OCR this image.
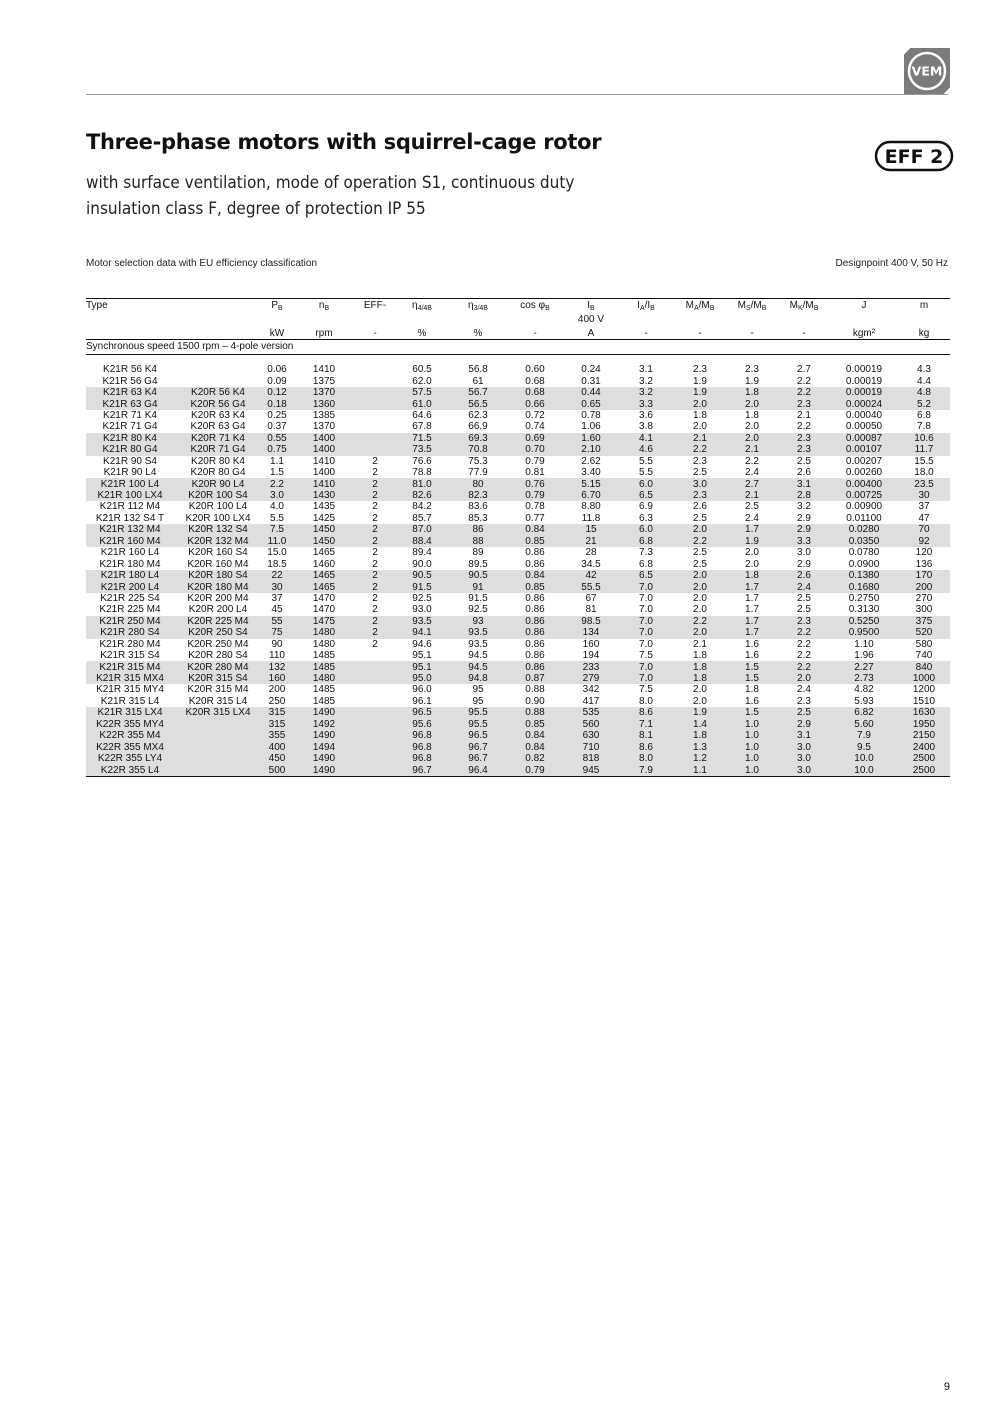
VEM
EFF 2
Three-phase motors with squirrel-cage rotor
with surface ventilation, mode of operation S1, continuous duty
insulation class F, degree of protection IP 55
Motor selection data with EU efficiency classification	Designpoint 400 V, 50 Hz
Type		$P_B$	$n_B$	EFF-	$\eta_{4/4B}$	$\eta_{3/4B}$	$\cos \varphi_B$	$I_B$	$I_A/I_B$	$M_A/M_B$	$M_S/M_B$	$M_K/M_B$	J	m
								400 V						
		kW	rpm	-	%	%	-	A	-	-	-	-	kgm²	kg
Synchronous speed 1500 rpm – 4-pole version														

K21R 56 K4		0.06	1410		60.5	56.8	0.60	0.24	3.1	2.3	2.3	2.7	0.00019	4.3
K21R 56 G4		0.09	1375		62.0	61	0.68	0.31	3.2	1.9	1.9	2.2	0.00019	4.4
K21R 63 K4	K20R 56 K4	0.12	1370		57.5	56.7	0.68	0.44	3.2	1.9	1.8	2.2	0.00019	4.8
K21R 63 G4	K20R 56 G4	0.18	1360		61.0	56.5	0.66	0.65	3.3	2.0	2.0	2.3	0.00024	5.2
K21R 71 K4	K20R 63 K4	0.25	1385		64.6	62.3	0.72	0.78	3.6	1.8	1.8	2.1	0.00040	6.8
K21R 71 G4	K20R 63 G4	0.37	1370		67.8	66.9	0.74	1.06	3.8	2.0	2.0	2.2	0.00050	7.8
K21R 80 K4	K20R 71 K4	0.55	1400		71.5	69.3	0.69	1.60	4.1	2.1	2.0	2.3	0.00087	10.6
K21R 80 G4	K20R 71 G4	0.75	1400		73.5	70.8	0.70	2.10	4.6	2.2	2.1	2.3	0.00107	11.7
K21R 90 S4	K20R 80 K4	1.1	1410	2	76.6	75.3	0.79	2.62	5.5	2.3	2.2	2.5	0.00207	15.5
K21R 90 L4	K20R 80 G4	1.5	1400	2	78.8	77.9	0.81	3.40	5.5	2.5	2.4	2.6	0.00260	18.0
K21R 100 L4	K20R 90 L4	2.2	1410	2	81.0	80	0.76	5.15	6.0	3.0	2.7	3.1	0.00400	23.5
K21R 100 LX4	K20R 100 S4	3.0	1430	2	82.6	82.3	0.79	6.70	6.5	2.3	2.1	2.8	0.00725	30
K21R 112 M4	K20R 100 L4	4.0	1435	2	84.2	83.6	0.78	8.80	6.9	2.6	2.5	3.2	0.00900	37
K21R 132 S4 T	K20R 100 LX4	5.5	1425	2	85.7	85.3	0.77	11.8	6.3	2.5	2.4	2.9	0.01100	47
K21R 132 M4	K20R 132 S4	7.5	1450	2	87.0	86	0.84	15	6.0	2.0	1.7	2.9	0.0280	70
K21R 160 M4	K20R 132 M4	11.0	1450	2	88.4	88	0.85	21	6.8	2.2	1.9	3.3	0.0350	92
K21R 160 L4	K20R 160 S4	15.0	1465	2	89.4	89	0.86	28	7.3	2.5	2.0	3.0	0.0780	120
K21R 180 M4	K20R 160 M4	18.5	1460	2	90.0	89.5	0.86	34.5	6.8	2.5	2.0	2.9	0.0900	136
K21R 180 L4	K20R 180 S4	22	1465	2	90.5	90.5	0.84	42	6.5	2.0	1.8	2.6	0.1380	170
K21R 200 L4	K20R 180 M4	30	1465	2	91.5	91	0.85	55.5	7.0	2.0	1.7	2.4	0.1680	200
K21R 225 S4	K20R 200 M4	37	1470	2	92.5	91.5	0.86	67	7.0	2.0	1.7	2.5	0.2750	270
K21R 225 M4	K20R 200 L4	45	1470	2	93.0	92.5	0.86	81	7.0	2.0	1.7	2.5	0.3130	300
K21R 250 M4	K20R 225 M4	55	1475	2	93.5	93	0.86	98.5	7.0	2.2	1.7	2.3	0.5250	375
K21R 280 S4	K20R 250 S4	75	1480	2	94.1	93.5	0.86	134	7.0	2.0	1.7	2.2	0.9500	520
K21R 280 M4	K20R 250 M4	90	1480	2	94.6	93.5	0.86	160	7.0	2.1	1.6	2.2	1.10	580
K21R 315 S4	K20R 280 S4	110	1485		95.1	94.5	0.86	194	7.5	1.8	1.6	2.2	1.96	740
K21R 315 M4	K20R 280 M4	132	1485		95.1	94.5	0.86	233	7.0	1.8	1.5	2.2	2.27	840
K21R 315 MX4	K20R 315 S4	160	1480		95.0	94.8	0.87	279	7.0	1.8	1.5	2.0	2.73	1000
K21R 315 MY4	K20R 315 M4	200	1485		96.0	95	0.88	342	7.5	2.0	1.8	2.4	4.82	1200
K21R 315 L4	K20R 315 L4	250	1485		96.1	95	0.90	417	8.0	2.0	1.6	2.3	5.93	1510
K21R 315 LX4	K20R 315 LX4	315	1490		96.5	95.5	0.88	535	8.6	1.9	1.5	2.5	6.82	1630
K22R 355 MY4		315	1492		95.6	95.5	0.85	560	7.1	1.4	1.0	2.9	5.60	1950
K22R 355 M4		355	1490		96.8	96.5	0.84	630	8.1	1.8	1.0	3.1	7.9	2150
K22R 355 MX4		400	1494		96.8	96.7	0.84	710	8.6	1.3	1.0	3.0	9.5	2400
K22R 355 LY4		450	1490		96.8	96.7	0.82	818	8.0	1.2	1.0	3.0	10.0	2500
K22R 355 L4		500	1490		96.7	96.4	0.79	945	7.9	1.1	1.0	3.0	10.0	2500
9
